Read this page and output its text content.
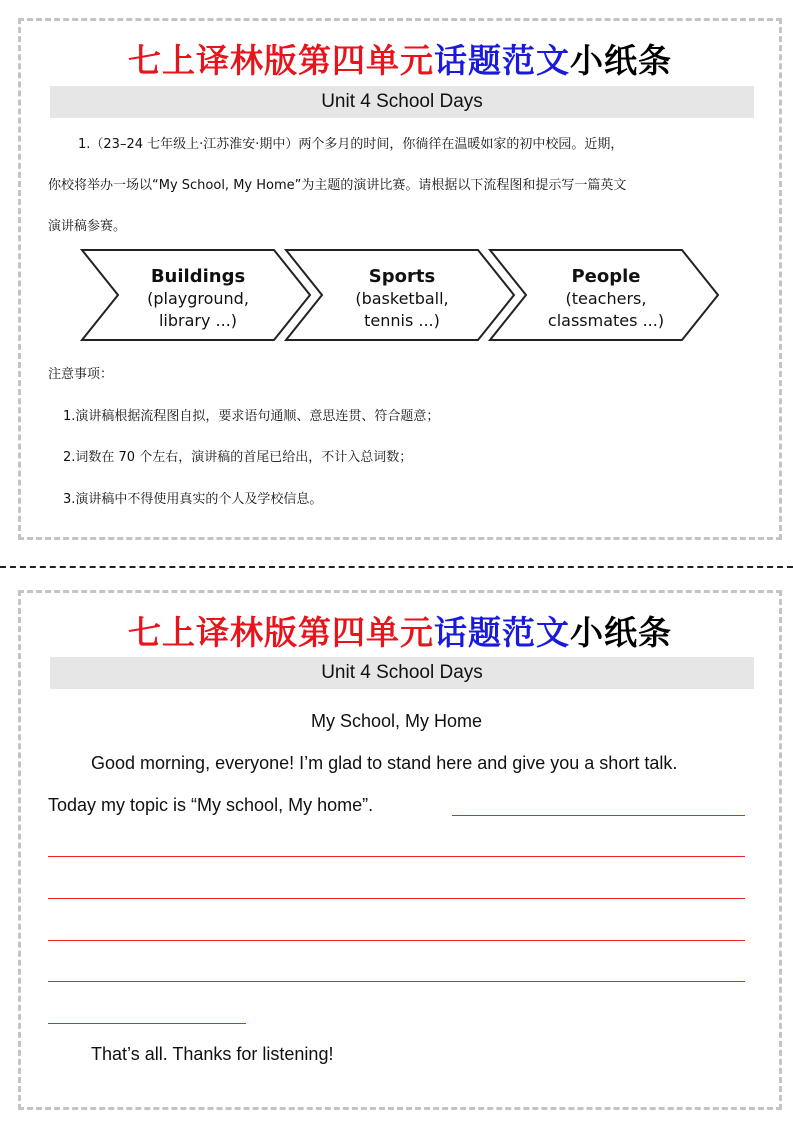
七上译林版第四单元话题范文小纸条
Unit 4 School Days
1.（23–24 七年级上·江苏淮安·期中）两个多月的时间，你徜徉在温暖如家的初中校园。近期，
你校将举办一场以“My School, My Home”为主题的演讲比赛。请根据以下流程图和提示写一篇英文
演讲稿参赛。
Buildings
(playground,
library ...)
Sports
(basketball,
tennis ...)
People
(teachers,
classmates ...)
注意事项：
1.演讲稿根据流程图自拟，要求语句通顺、意思连贯、符合题意；
2.词数在 70 个左右，演讲稿的首尾已给出，不计入总词数；
3.演讲稿中不得使用真实的个人及学校信息。
七上译林版第四单元话题范文小纸条
Unit 4 School Days
My School, My Home
Good morning, everyone! I’m glad to stand here and give you a short talk.
Today my topic is “My school, My home”.
That’s all. Thanks for listening!
